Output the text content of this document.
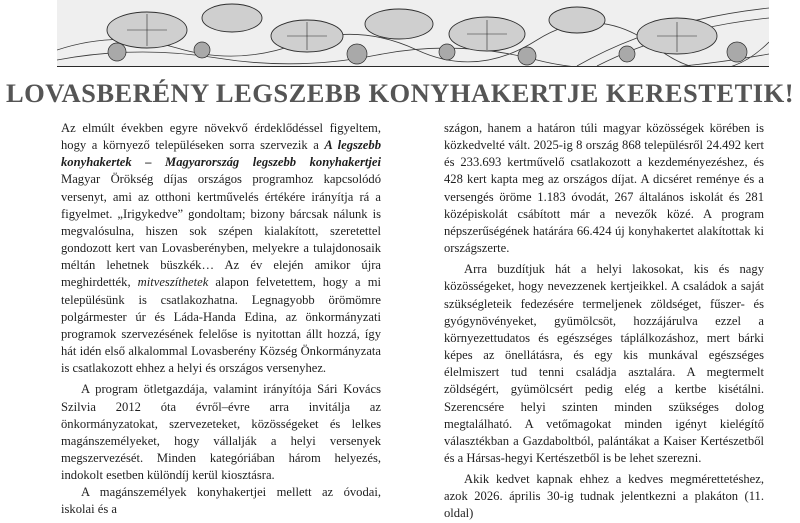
LOVASBERÉNY LEGSZEBB KONYHAKERTJE KERESTETIK!

Az elmúlt években egyre növekvő érdeklődéssel figyeltem, hogy a környező településeken sorra szervezik a A legszebb konyhakertek – Magyarország legszebb konyhakertjei Magyar Örökség díjas országos programhoz kapcsolódó versenyt, ami az otthoni kertművelés értékére irányítja rá a figyelmet. „Irigykedve” gondoltam; bizony bárcsak nálunk is megvalósulna, hiszen sok szépen kialakított, szeretettel gondozott kert van Lovasberényben, melyekre a tulajdonosaik méltán lehetnek büszkék… Az év elején amikor újra meghirdették, mitveszíthetek alapon felvetettem, hogy a mi településünk is csatlakozhatna. Legnagyobb örömömre polgármester úr és Láda-Handa Edina, az önkormányzati programok szervezésének felelőse is nyitottan állt hozzá, így hát idén első alkalommal Lovasberény Község Önkormányzata is csatlakozott ehhez a helyi és országos versenyhez.

A program ötletgazdája, valamint irányítója Sári Kovács Szilvia 2012 óta évről–évre arra invitálja az önkormányzatokat, szervezeteket, közösségeket és lelkes magánszemélyeket, hogy vállalják a helyi versenyek megszervezését. Minden kategóriában három helyezés, indokolt esetben különdíj kerül kiosztásra.

A magánszemélyek konyhakertjei mellett az óvodai, iskolai és a

szágon, hanem a határon túli magyar közösségek körében is közkedvelté vált. 2025-ig 8 ország 868 településről 24.492 kert és 233.693 kertművelő csatlakozott a kezdeményezéshez, és 428 kert kapta meg az országos díjat. A dicséret reménye és a versengés öröme 1.183 óvodát, 267 általános iskolát és 281 középiskolát csábított már a nevezők közé. A program népszerűségének határára 66.424 új konyhakertet alakítottak ki országszerte.

Arra buzdítjuk hát a helyi lakosokat, kis és nagy közösségeket, hogy nevezzenek kertjeikkel. A családok a saját szükségleteik fedezésére termeljenek zöldséget, fűszer- és gyógynövényeket, gyümölcsöt, hozzájárulva ezzel a környezettudatos és egészséges táplálkozáshoz, mert bárki képes az önellátásra, és egy kis munkával egészséges élelmiszert tud tenni családja asztalára. A megtermelt zöldségért, gyümölcsért pedig elég a kertbe kisétálni. Szerencsére helyi szinten minden szükséges dolog megtalálható. A vetőmagokat minden igényt kielégítő választékban a Gazdaboltból, palántákat a Kaiser Kertészetből és a Hársas-hegyi Kertészetből is be lehet szerezni.

Akik kedvet kapnak ehhez a kedves megmérettetéshez, azok 2026. április 30-ig tudnak jelentkezni a plakáton (11. oldal)
